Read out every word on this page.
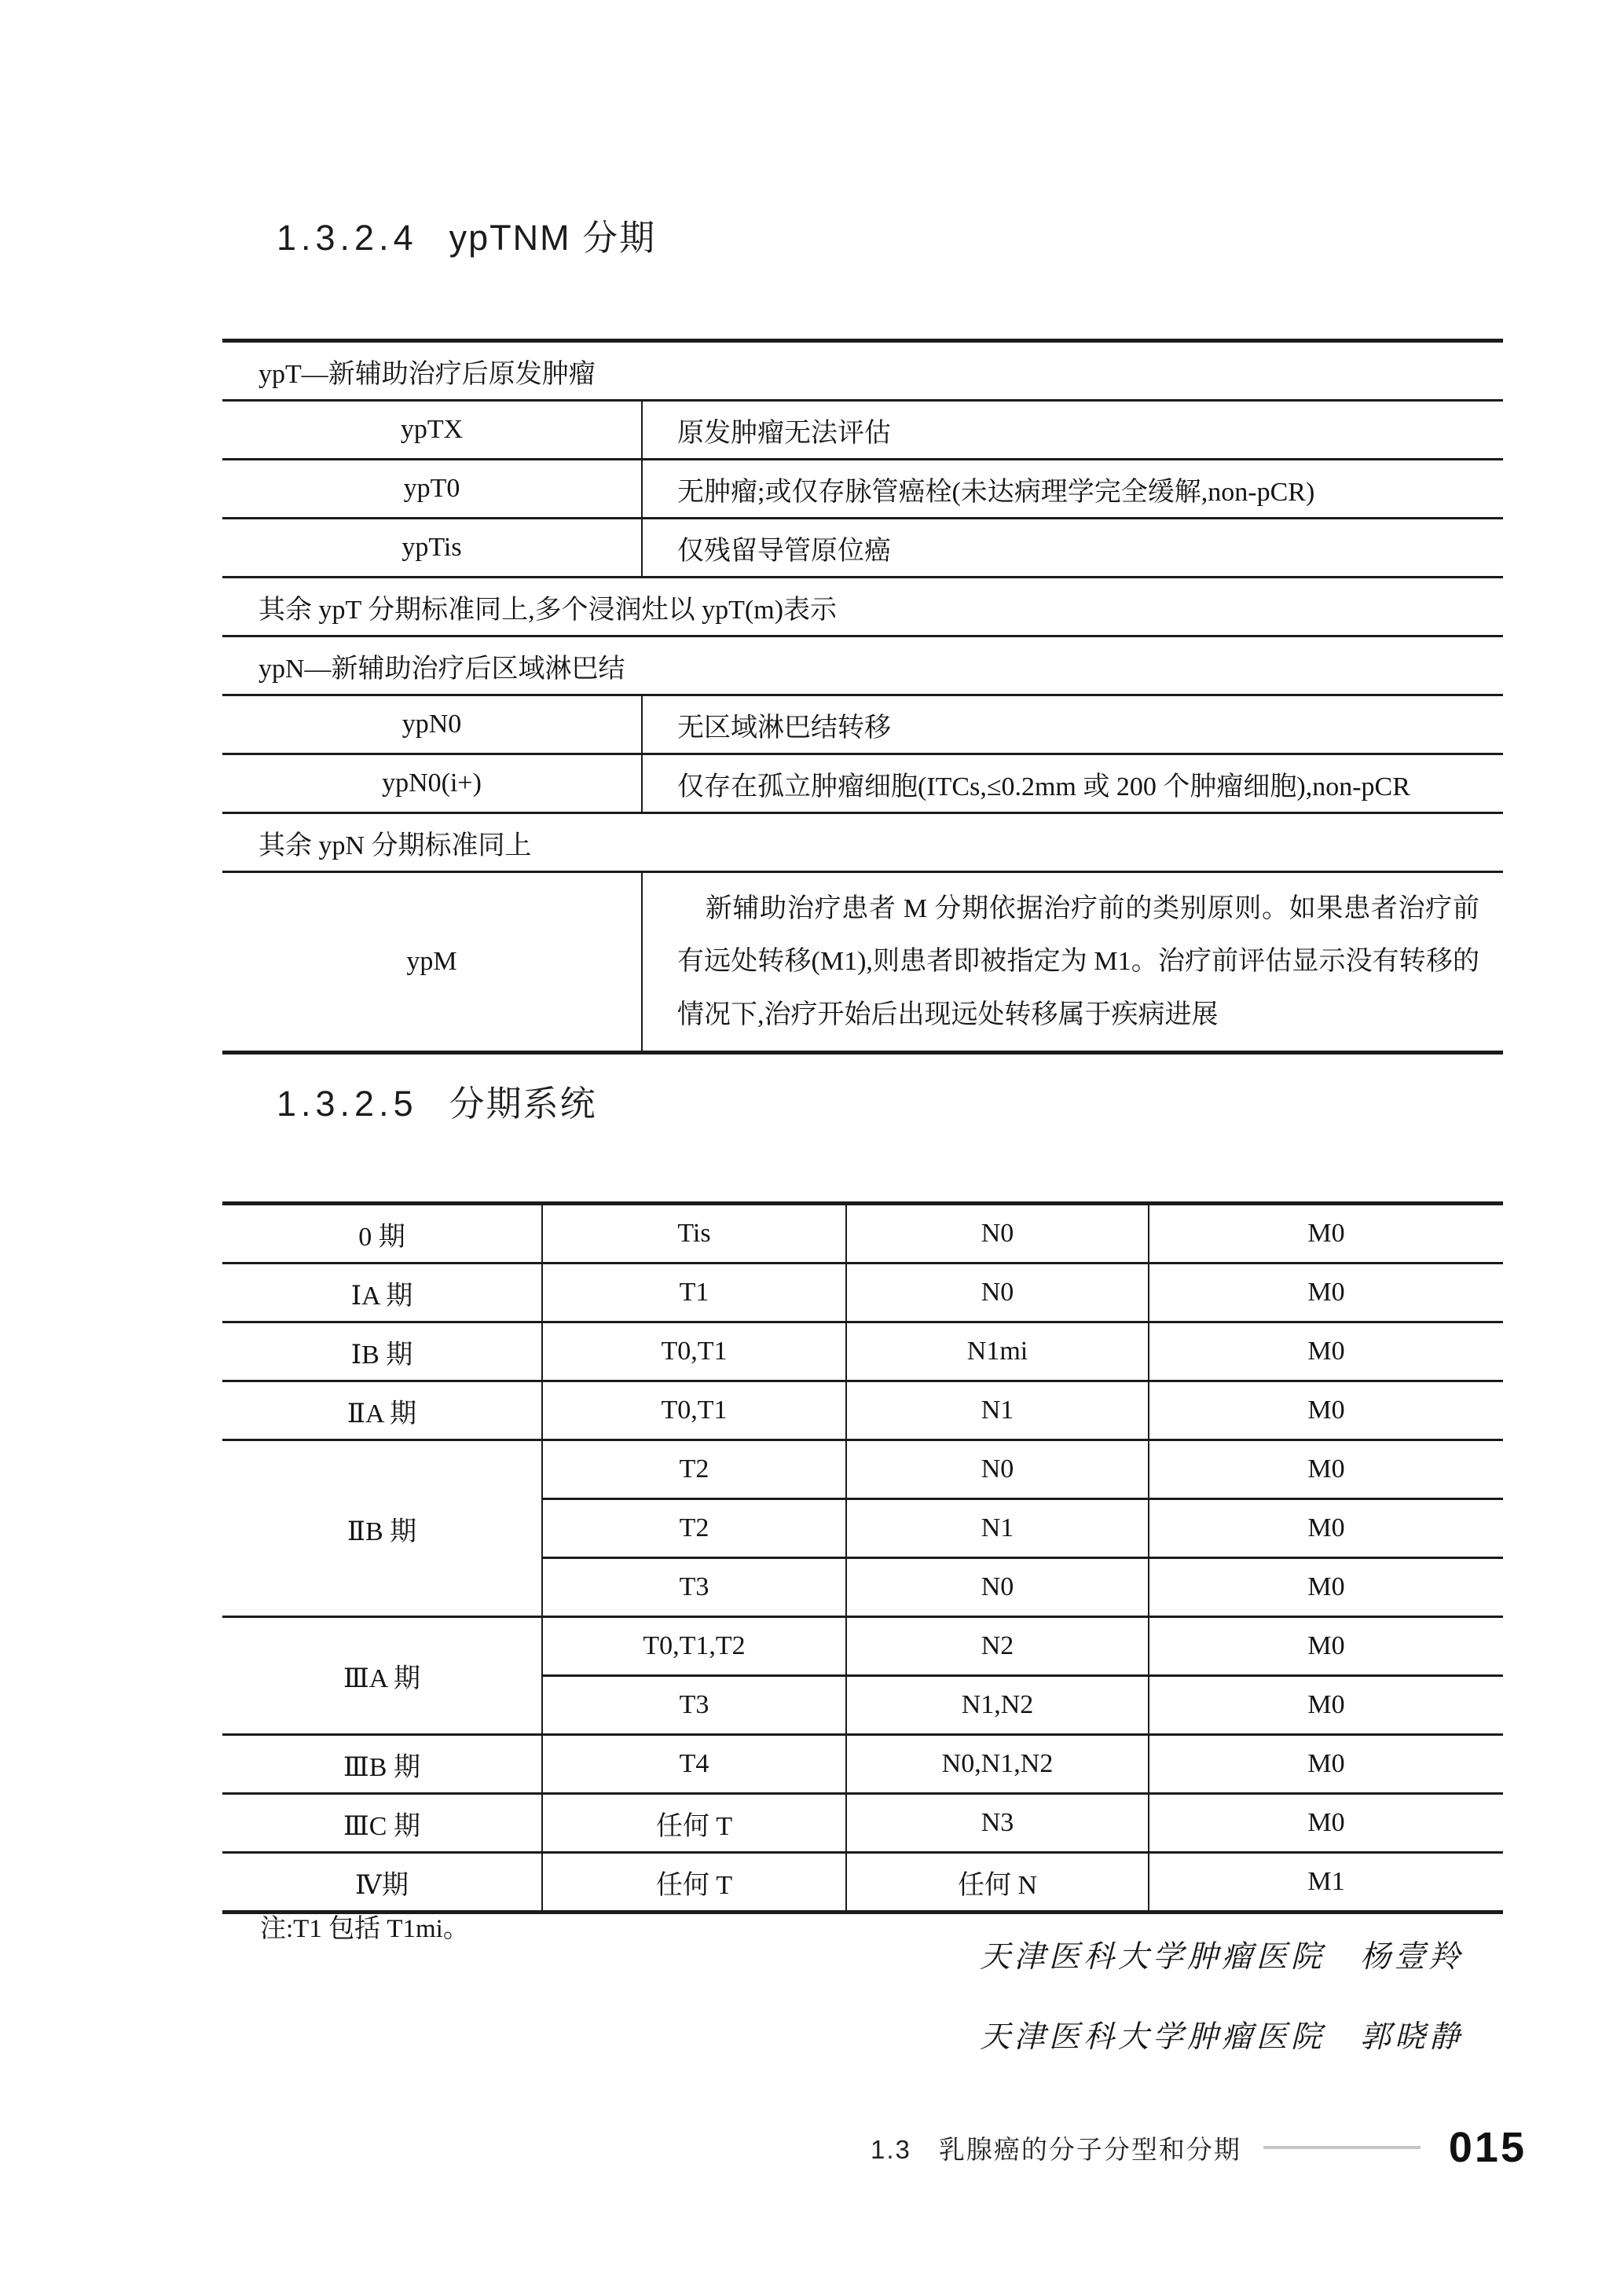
1.3.2.4 ypTNM 分期
ypT—新辅助治疗后原发肿瘤	
ypTX	原发肿瘤无法评估
ypT0	无肿瘤;或仅存脉管癌栓(未达病理学完全缓解,non-pCR)
ypTis	仅残留导管原位癌
其余 ypT 分期标准同上,多个浸润灶以 ypT(m)表示	
ypN—新辅助治疗后区域淋巴结	
ypN0	无区域淋巴结转移
ypN0(i+)	仅存在孤立肿瘤细胞(ITCs,≤0.2mm 或 200 个肿瘤细胞),non-pCR
其余 ypN 分期标准同上	
ypM	新辅助治疗患者 M 分期依据治疗前的类别原则。如果患者治疗前有远处转移(M1),则患者即被指定为 M1。治疗前评估显示没有转移的情况下,治疗开始后出现远处转移属于疾病进展
1.3.2.5 分期系统
0 期	Tis	N0	M0
ⅠA 期	T1	N0	M0
ⅠB 期	T0,T1	N1mi	M0
ⅡA 期	T0,T1	N1	M0
ⅡB 期	T2	N0	M0
	T2	N1	M0
	T3	N0	M0
ⅢA 期	T0,T1,T2	N2	M0
	T3	N1,N2	M0
ⅢB 期	T4	N0,N1,N2	M0
ⅢC 期	任何 T	N3	M0
Ⅳ期	任何 T	任何 N	M1

注:T1 包括 T1mi。

天津医科大学肿瘤医院　杨壹羚
天津医科大学肿瘤医院　郭晓静
1.3　乳腺癌的分子分型和分期	015
